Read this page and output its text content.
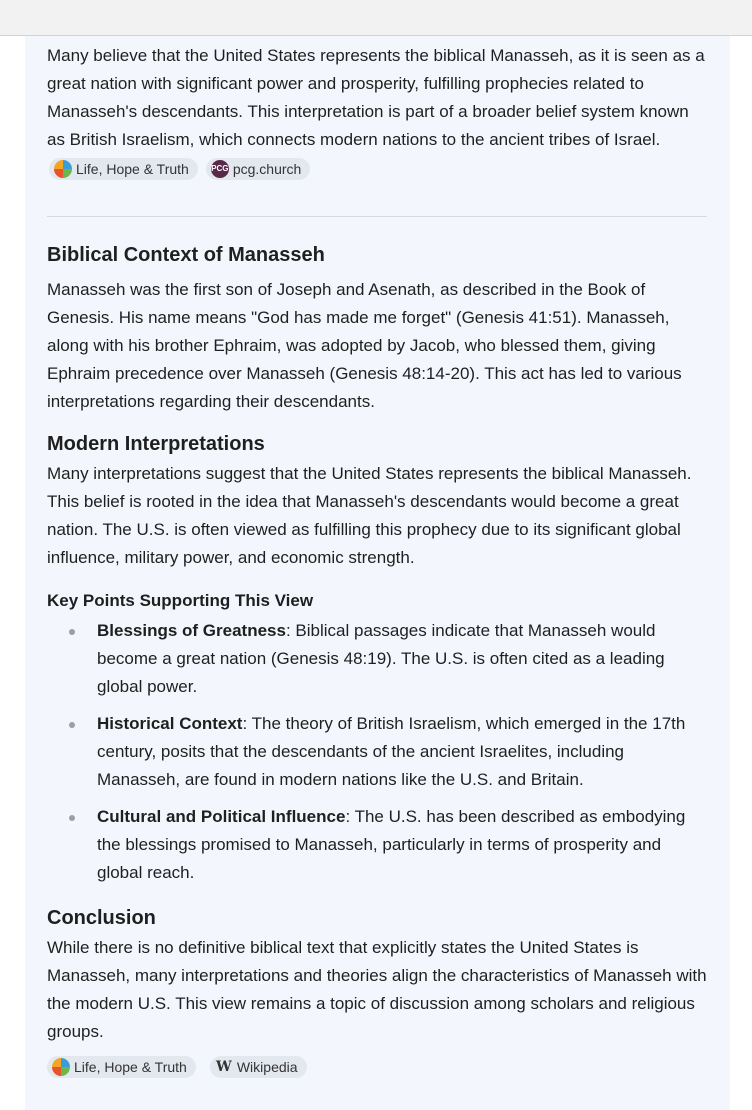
Many believe that the United States represents the biblical Manasseh, as it is seen as a great nation with significant power and prosperity, fulfilling prophecies related to Manasseh's descendants. This interpretation is part of a broader belief system known as British Israelism, which connects modern nations to the ancient tribes of Israel.
Life, Hope & Truth	PCG pcg.church

Biblical Context of Manasseh

Manasseh was the first son of Joseph and Asenath, as described in the Book of Genesis. His name means "God has made me forget" (Genesis 41:51). Manasseh, along with his brother Ephraim, was adopted by Jacob, who blessed them, giving Ephraim precedence over Manasseh (Genesis 48:14-20). This act has led to various interpretations regarding their descendants.

Modern Interpretations

Many interpretations suggest that the United States represents the biblical Manasseh. This belief is rooted in the idea that Manasseh's descendants would become a great nation. The U.S. is often viewed as fulfilling this prophecy due to its significant global influence, military power, and economic strength.

Key Points Supporting This View
Blessings of Greatness: Biblical passages indicate that Manasseh would become a great nation (Genesis 48:19). The U.S. is often cited as a leading global power.
Historical Context: The theory of British Israelism, which emerged in the 17th century, posits that the descendants of the ancient Israelites, including Manasseh, are found in modern nations like the U.S. and Britain.
Cultural and Political Influence: The U.S. has been described as embodying the blessings promised to Manasseh, particularly in terms of prosperity and global reach.
Conclusion

While there is no definitive biblical text that explicitly states the United States is Manasseh, many interpretations and theories align the characteristics of Manasseh with the modern U.S. This view remains a topic of discussion among scholars and religious groups.

Life, Hope & Truth W Wikipedia
